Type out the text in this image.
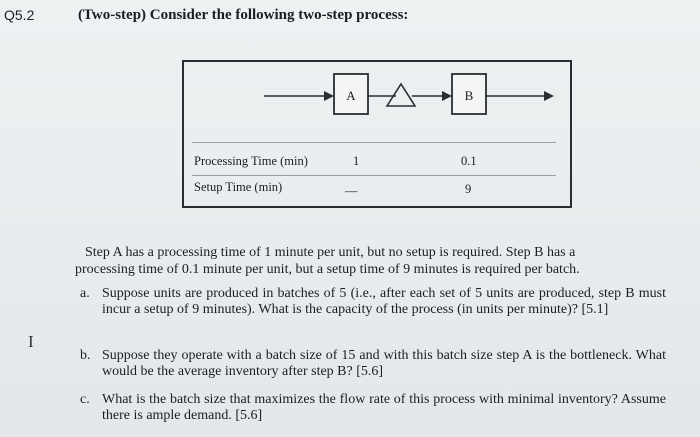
Q5.2	(Two-step) Consider the following two-step process:
A	B
Processing Time (min)	1	0.1
Setup Time (min)	—	9
Step A has a processing time of 1 minute per unit, but no setup is required. Step B has a
processing time of 0.1 minute per unit, but a setup time of 9 minutes is required per batch.
a. Suppose units are produced in batches of 5 (i.e., after each set of 5 units are produced, step B must incur a setup of 9 minutes). What is the capacity of the process (in units per minute)? [5.1]
b. Suppose they operate with a batch size of 15 and with this batch size step A is the bottleneck. What would be the average inventory after step B? [5.6]
c. What is the batch size that maximizes the flow rate of this process with minimal inventory? Assume there is ample demand. [5.6]
I
